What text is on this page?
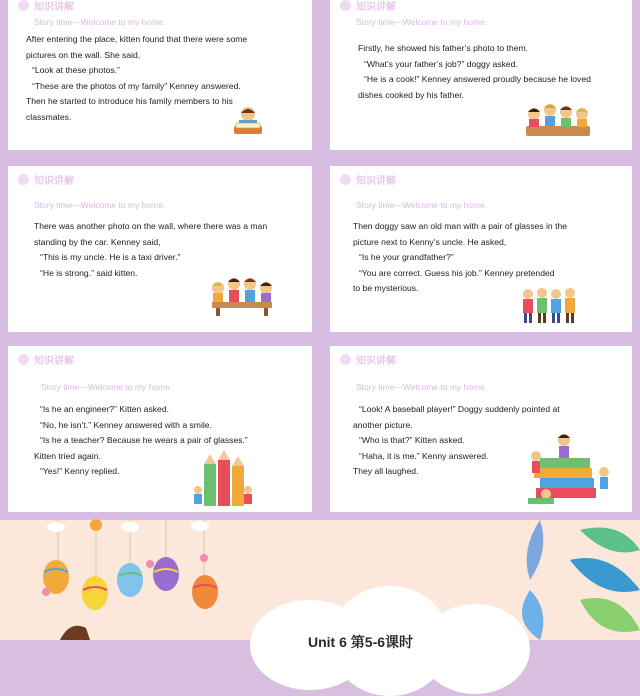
知识讲解
Story time—Welcome to my home.

After entering the place, kitten found that there were some

pictures on the wall. She said,

“Look at these photos.”

“These are the photos of my family” Kenney answered.

Then he started to introduce his family members to his

classmates.

知识讲解
Story time—Welcome to my home.

Firstly, he showed his father’s photo to them.

“What’s your father’s job?” doggy asked.

“He is a cook!” Kenney answered proudly because he loved

dishes cooked by his father.

知识讲解
Story time—Welcome to my home.

There was another photo on the wall, where there was a man

standing by the car. Kenney said,

“This is my uncle. He is a taxi driver.”

“He is strong.” said kitten.

知识讲解
Story time—Welcome to my home.

Then doggy saw an old man with a pair of glasses in the

picture next to Kenny’s uncle. He asked,

“Is he your grandfather?”

“You are correct. Guess his job.” Kenney pretended

to be mysterious.

知识讲解
Story time—Welcome to my home.

“Is he an engineer?” Kitten asked.

“No, he isn’t.” Kenney answered with a smile.

“Is he a teacher? Because he wears a pair of glasses.”

Kitten tried again.

“Yes!” Kenny replied.

知识讲解
Story time—Welcome to my home.

“Look! A baseball player!” Doggy suddenly pointed at

another picture.

“Who is that?” Kitten asked.

“Haha, it is me.” Kenny answered.

They all laughed.

Unit 6 第5-6课时
